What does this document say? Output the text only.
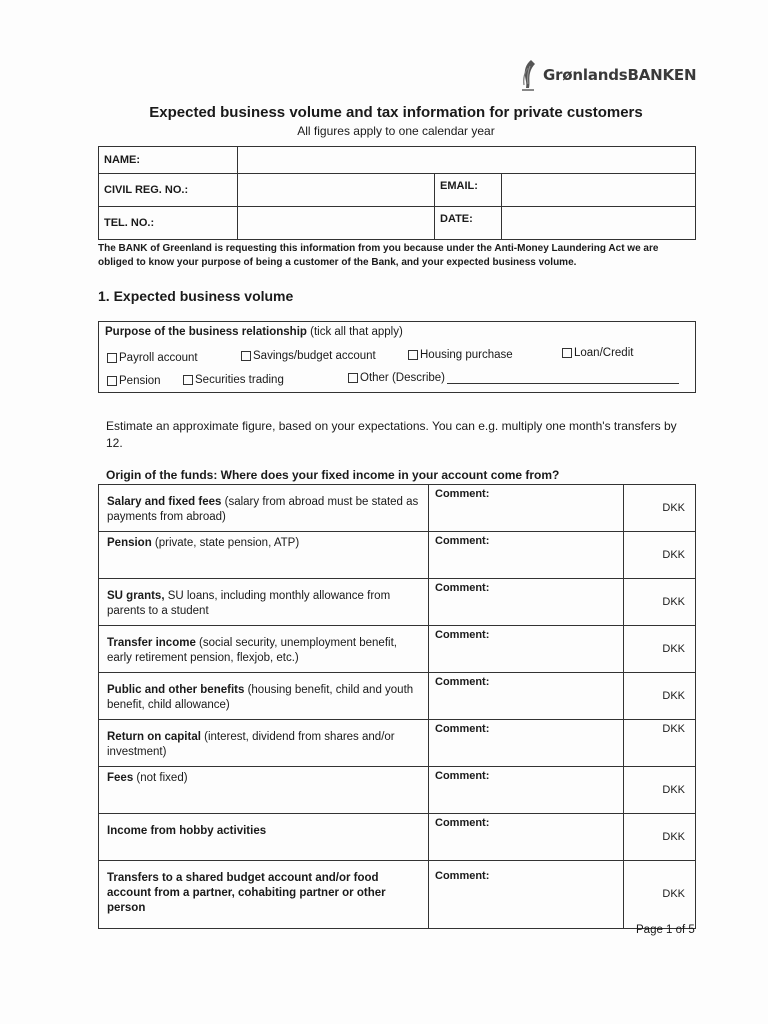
GrønlandsBANKEN
Expected business volume and tax information for private customers
All figures apply to one calendar year
NAME:			
CIVIL REG. NO.:		EMAIL:	
TEL. NO.:		DATE:	
The BANK of Greenland is requesting this information from you because under the Anti-Money Laundering Act we are obliged to know your purpose of being a customer of the Bank, and your expected business volume.
1. Expected business volume
Purpose of the business relationship (tick all that apply)
Payroll account	Savings/budget account	Housing purchase	Loan/Credit
Pension	Securities trading	Other (Describe)
Estimate an approximate figure, based on your expectations. You can e.g. multiply one month's transfers by 12.
Origin of the funds: Where does your fixed income in your account come from?
Salary and fixed fees (salary from abroad must be stated as payments from abroad)	Comment:	DKK
Pension (private, state pension, ATP)	Comment:	DKK
SU grants, SU loans, including monthly allowance from parents to a student	Comment:	DKK
Transfer income (social security, unemployment benefit, early retirement pension, flexjob, etc.)	Comment:	DKK
Public and other benefits (housing benefit, child and youth benefit, child allowance)	Comment:	DKK
Return on capital (interest, dividend from shares and/or investment)	Comment:	DKK
Fees (not fixed)	Comment:	DKK
Income from hobby activities	Comment:	DKK
Transfers to a shared budget account and/or food account from a partner, cohabiting partner or other person	Comment:	DKK
Page 1 of 5
